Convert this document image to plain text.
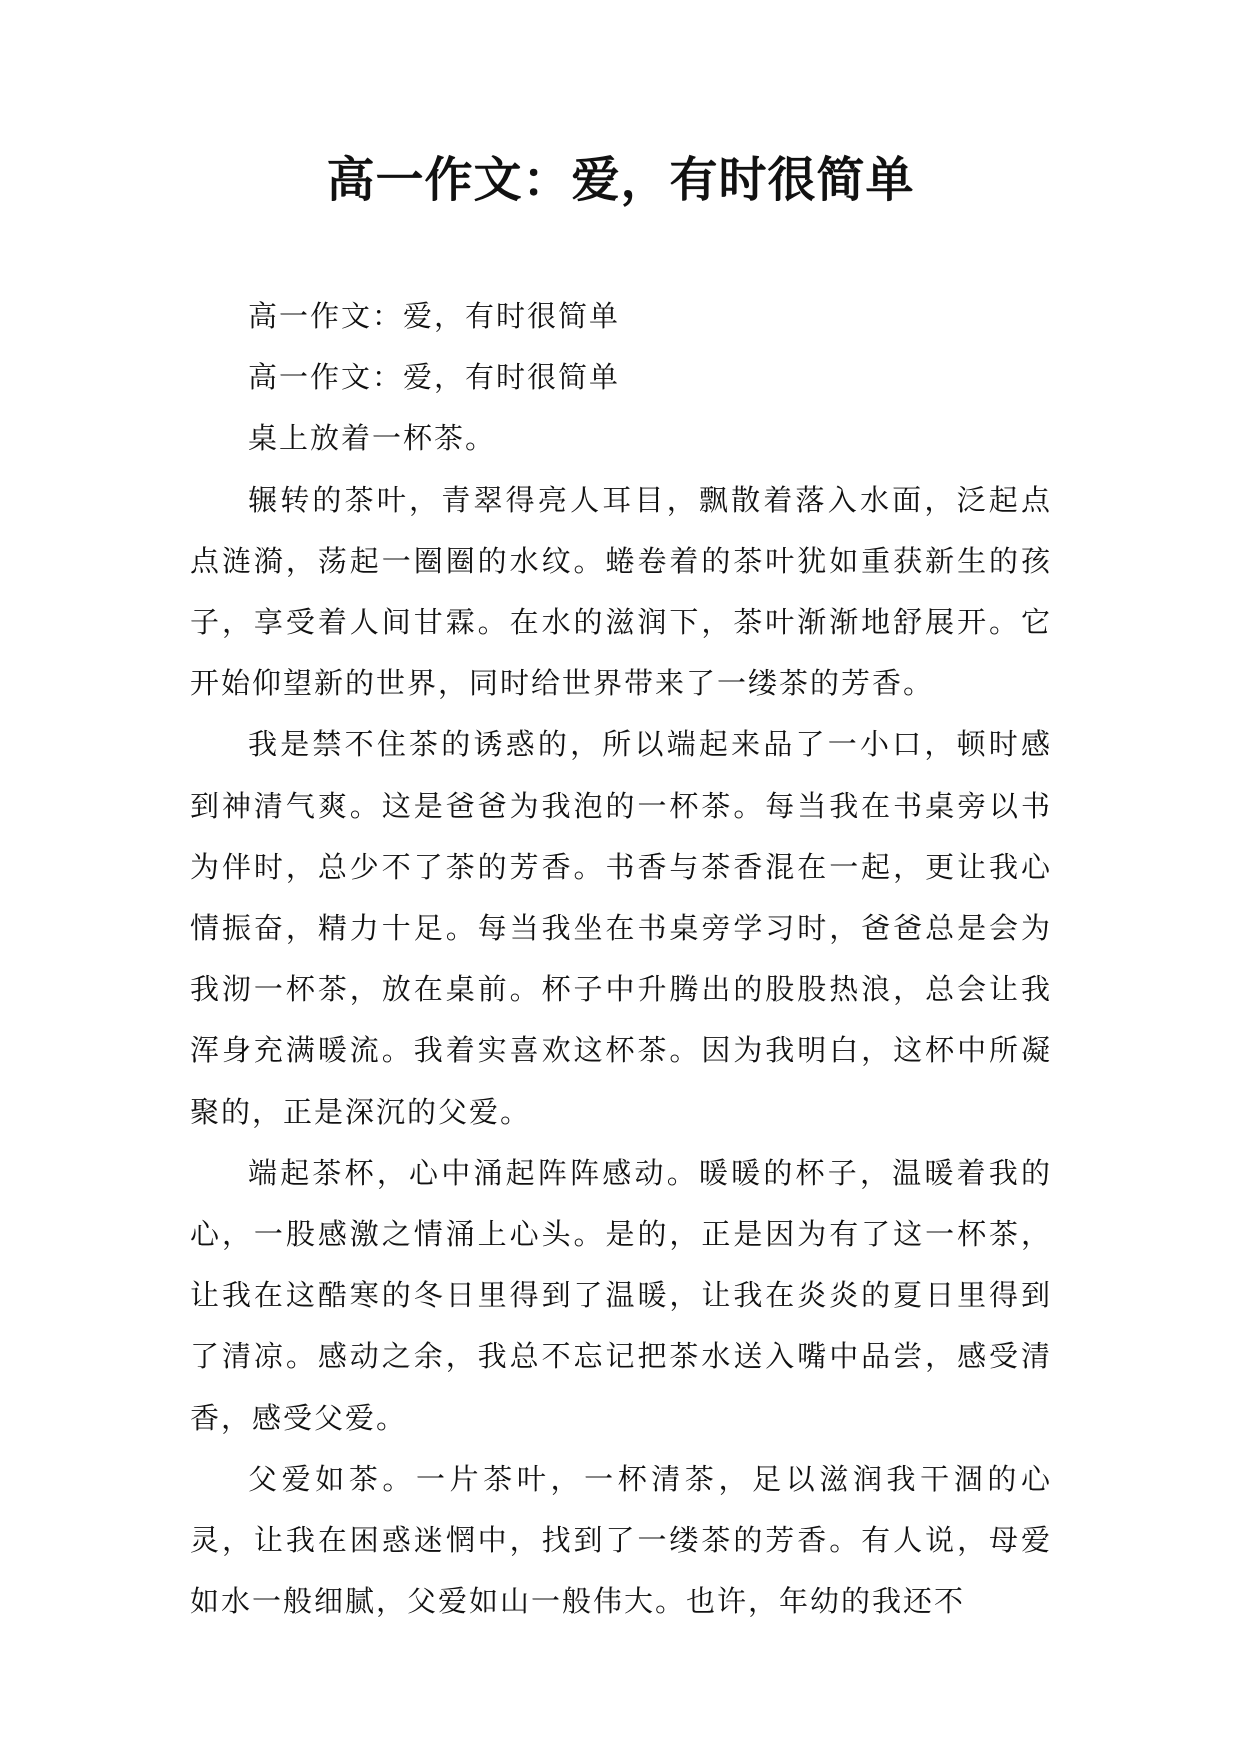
高一作文：爱，有时很简单

高一作文：爱，有时很简单

高一作文：爱，有时很简单

桌上放着一杯茶。

辗转的茶叶，青翠得亮人耳目，飘散着落入水面，泛起点点涟漪，荡起一圈圈的水纹。蜷卷着的茶叶犹如重获新生的孩子，享受着人间甘霖。在水的滋润下，茶叶渐渐地舒展开。它开始仰望新的世界，同时给世界带来了一缕茶的芳香。

我是禁不住茶的诱惑的，所以端起来品了一小口，顿时感到神清气爽。这是爸爸为我泡的一杯茶。每当我在书桌旁以书为伴时，总少不了茶的芳香。书香与茶香混在一起，更让我心情振奋，精力十足。每当我坐在书桌旁学习时，爸爸总是会为我沏一杯茶，放在桌前。杯子中升腾出的股股热浪，总会让我浑身充满暖流。我着实喜欢这杯茶。因为我明白，这杯中所凝聚的，正是深沉的父爱。

端起茶杯，心中涌起阵阵感动。暖暖的杯子，温暖着我的心，一股感激之情涌上心头。是的，正是因为有了这一杯茶，让我在这酷寒的冬日里得到了温暖，让我在炎炎的夏日里得到了清凉。感动之余，我总不忘记把茶水送入嘴中品尝，感受清香，感受父爱。

父爱如茶。一片茶叶，一杯清茶，足以滋润我干涸的心灵，让我在困惑迷惘中，找到了一缕茶的芳香。有人说，母爱如水一般细腻，父爱如山一般伟大。也许，年幼的我还不
